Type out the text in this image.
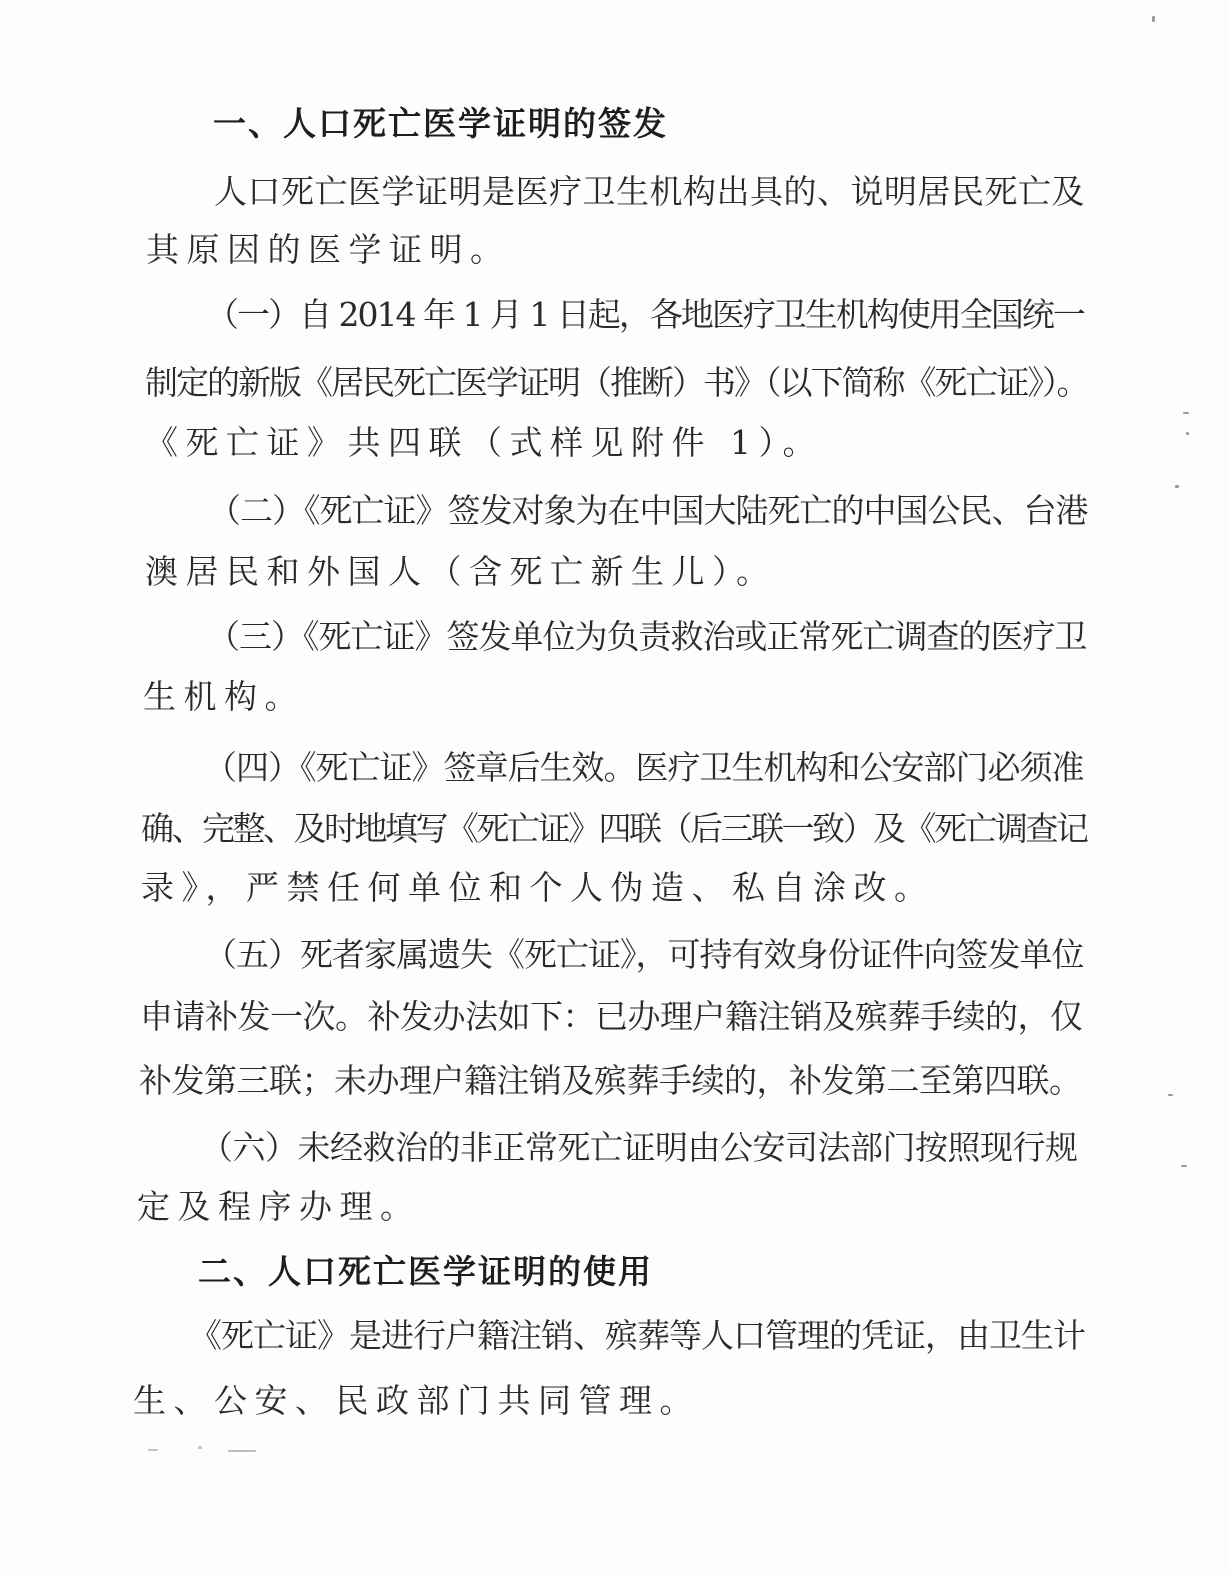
一、人口死亡医学证明的签发
人口死亡医学证明是医疗卫生机构出具的、说明居民死亡及
其原因的医学证明。
（一）自 2014 年 1 月 1 日起，各地医疗卫生机构使用全国统一
制定的新版《居民死亡医学证明（推断）书》（以下简称《死亡证》）。
《死亡证》共四联（式样见附件 1）。
（二）《死亡证》签发对象为在中国大陆死亡的中国公民、台港
澳居民和外国人（含死亡新生儿）。
（三）《死亡证》签发单位为负责救治或正常死亡调查的医疗卫
生机构。
（四）《死亡证》签章后生效。医疗卫生机构和公安部门必须准
确、完整、及时地填写《死亡证》四联（后三联一致）及《死亡调查记
录》，严禁任何单位和个人伪造、私自涂改。
（五）死者家属遗失《死亡证》，可持有效身份证件向签发单位
申请补发一次。补发办法如下：已办理户籍注销及殡葬手续的，仅
补发第三联；未办理户籍注销及殡葬手续的，补发第二至第四联。
（六）未经救治的非正常死亡证明由公安司法部门按照现行规
定及程序办理。
二、人口死亡医学证明的使用
《死亡证》是进行户籍注销、殡葬等人口管理的凭证，由卫生计
生、公安、民政部门共同管理。
